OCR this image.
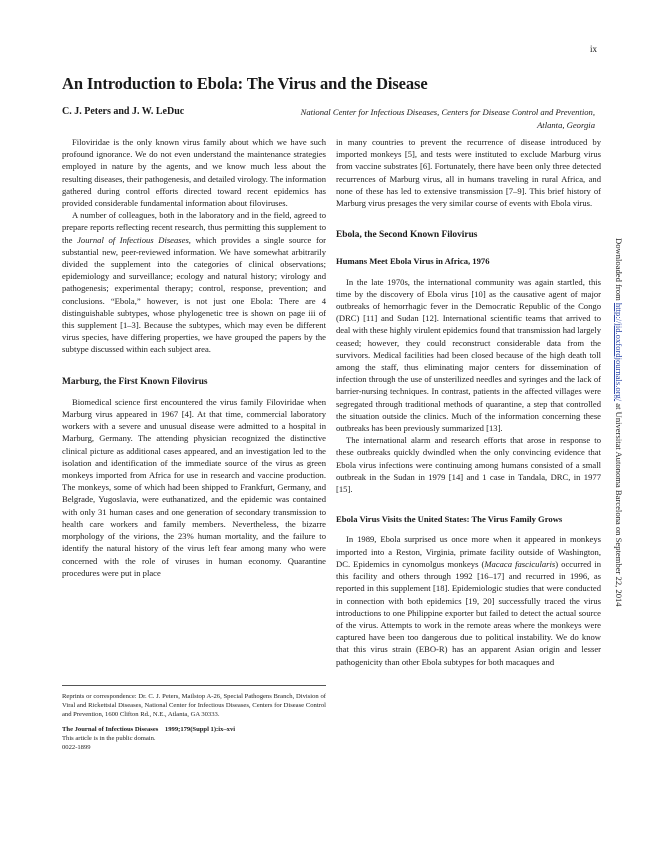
ix
An Introduction to Ebola: The Virus and the Disease
C. J. Peters and J. W. LeDuc	National Center for Infectious Diseases, Centers for Disease Control and Prevention, Atlanta, Georgia

Filoviridae is the only known virus family about which we have such profound ignorance. We do not even understand the maintenance strategies employed in nature by the agents, and we know much less about the resulting diseases, their pathogenesis, and detailed virology. The information gathered during control efforts directed toward recent epidemics has provided considerable fundamental information about filoviruses.

A number of colleagues, both in the laboratory and in the field, agreed to prepare reports reflecting recent research, thus permitting this supplement to the Journal of Infectious Diseases, which provides a single source for substantial new, peer-reviewed information. We have somewhat arbitrarily divided the supplement into the categories of clinical observations; epidemiology and surveillance; ecology and natural history; virology and pathogenesis; experimental therapy; control, response, prevention; and conclusions. “Ebola,” however, is not just one Ebola: There are 4 distinguishable subtypes, whose phylogenetic tree is shown on page iii of this supplement [1–3]. Because the subtypes, which may even be different virus species, have differing properties, we have grouped the papers by the subtype discussed within each subject area.

Marburg, the First Known Filovirus

Biomedical science first encountered the virus family Filoviridae when Marburg virus appeared in 1967 [4]. At that time, commercial laboratory workers with a severe and unusual disease were admitted to a hospital in Marburg, Germany. The attending physician recognized the distinctive clinical picture as additional cases appeared, and an investigation led to the isolation and identification of the immediate source of the virus as green monkeys imported from Africa for use in research and vaccine production. The monkeys, some of which had been shipped to Frankfurt, Germany, and Belgrade, Yugoslavia, were euthanatized, and the epidemic was contained with only 31 human cases and one generation of secondary transmission to health care workers and family members. Nevertheless, the bizarre morphology of the virions, the 23% human mortality, and the failure to identify the natural history of the virus left fear among many who were concerned with the role of viruses in human economy. Quarantine procedures were put in place

in many countries to prevent the recurrence of disease introduced by imported monkeys [5], and tests were instituted to exclude Marburg virus from vaccine substrates [6]. Fortunately, there have been only three detected recurrences of Marburg virus, all in humans traveling in rural Africa, and none of these has led to extensive transmission [7–9]. This brief history of Marburg virus presages the very similar course of events with Ebola virus.

Ebola, the Second Known Filovirus
Humans Meet Ebola Virus in Africa, 1976

In the late 1970s, the international community was again startled, this time by the discovery of Ebola virus [10] as the causative agent of major outbreaks of hemorrhagic fever in the Democratic Republic of the Congo (DRC) [11] and Sudan [12]. International scientific teams that arrived to deal with these highly virulent epidemics found that transmission had largely ceased; however, they could reconstruct considerable data from the survivors. Medical facilities had been closed because of the high death toll among the staff, thus eliminating major centers for dissemination of infection through the use of unsterilized needles and syringes and the lack of barrier-nursing techniques. In contrast, patients in the affected villages were segregated through traditional methods of quarantine, a step that controlled the situation outside the clinics. Much of the information concerning these outbreaks has been previously summarized [13].

The international alarm and research efforts that arose in response to these outbreaks quickly dwindled when the only convincing evidence that Ebola virus infections were continuing among humans consisted of a small outbreak in the Sudan in 1979 [14] and 1 case in Tandala, DRC, in 1977 [15].

Ebola Virus Visits the United States: The Virus Family Grows

In 1989, Ebola surprised us once more when it appeared in monkeys imported into a Reston, Virginia, primate facility outside of Washington, DC. Epidemics in cynomolgus monkeys (Macaca fascicularis) occurred in this facility and others through 1992 [16–17] and recurred in 1996, as reported in this supplement [18]. Epidemiologic studies that were conducted in connection with both epidemics [19, 20] successfully traced the virus introductions to one Philippine exporter but failed to detect the actual source of the virus. Attempts to work in the remote areas where the monkeys were captured have been too dangerous due to political instability. We do know that this virus strain (EBO-R) has an apparent Asian origin and lesser pathogenicity than other Ebola subtypes for both macaques and

Reprints or correspondence: Dr. C. J. Peters, Mailstop A-26, Special Pathogens Branch, Division of Viral and Rickettsial Diseases, National Center for Infectious Diseases, Centers for Disease Control and Prevention, 1600 Clifton Rd., N.E., Atlanta, GA 30333.

The Journal of Infectious Diseases    1999;179(Suppl 1):ix–xvi

This article is in the public domain.

0022-1899

Downloaded from http://jid.oxfordjournals.org/ at Universitat Autonoma Barcelona on September 22, 2014
